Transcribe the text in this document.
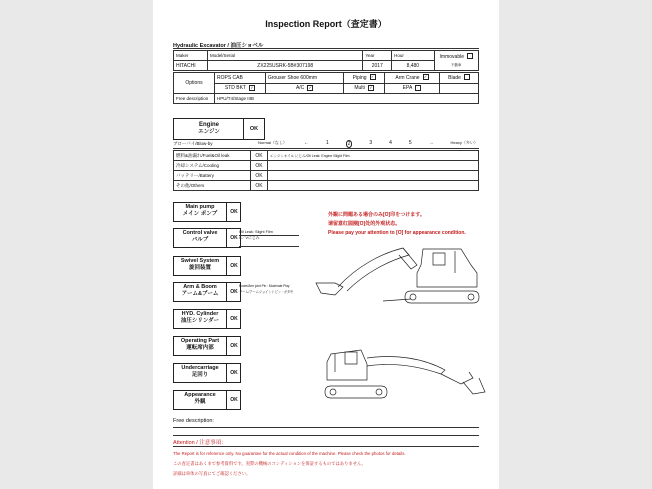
Inspection Report（査定書）
Hydraulic Excavator / 油圧ショベル
Maker	Model/Serial	Year	Hour	Immovable
不動車
HITACHI	ZX225USRK-5B#307198	2017	8,480	
Options	ROPS CAB	Grouser Shoe 600mm	Piping ✓	Arm Crane ✓	Blade
	STD BKT ✓	A/C ✓	Multi ✓	EPA	
Free description	HPU/T4/Stage IIIB				
Engine
エンジン	OK
ブローバイ/Blow-by	Normal（なし）	←	1	2	3	4	5	→	Heavy（多い）
燃料&油漏れ/Fuel&Oil leak	OK	エンジンオイル にじみ/Oil Leak: Engine Slight Film
冷却システム/Cooling	OK	
バッテリー/Battery	OK	
その他/Others	OK	
Main pump
メイン ポンプ	OK
Control valve
バルブ	OK
Oil Leak: Slight Film
C／Vにじみ
Swivel System
旋回装置	OK
Arm & Boom
アーム&ブーム	OK
Boom/Arm joint Pin : Moderate Play
ブーム/アームジョイントピン : ガタ中
HYD. Cylinder
油圧シリンダー	OK
Operating Part
運転席内部	OK
Undercarriage
足回り	OK
Appearance
外観	OK
外観に問題ある場合のみ[O]印をつけます。
请留意红圆圈[O]处的外观状态。
Please pay your attention to [O] for appearance condition.
Free description:
Attention / 注意事項：
The Report is for reference only. No guarantee for the actual condition of the machine. Please check the photos for details.
この査定書はあくまで参考資料です。実際の機械のコンディションを保証するものではありません。
詳細は車体の写真にてご確認ください。
